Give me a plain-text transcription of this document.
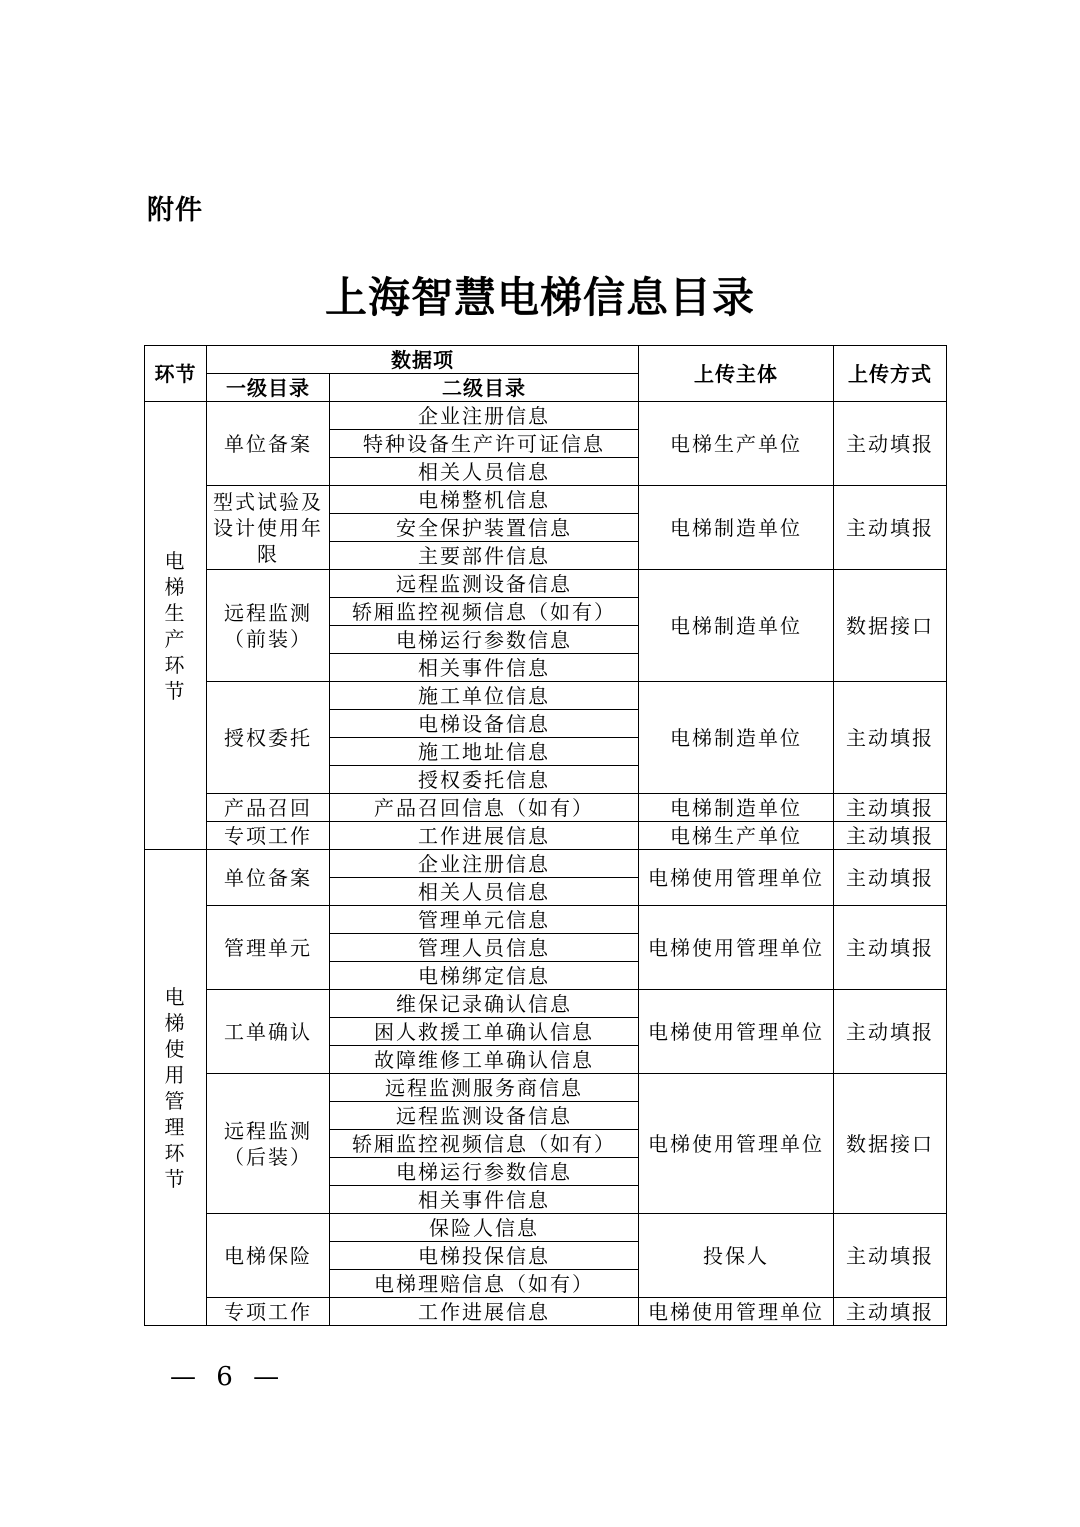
附件
上海智慧电梯信息目录
环节	数据项		上传主体	上传方式
	一级目录	二级目录		

电梯生产环节	单位备案	企业注册信息	电梯生产单位	主动填报
		特种设备生产许可证信息		
		相关人员信息		
	型式试验及设计使用年限	电梯整机信息	电梯制造单位	主动填报
		安全保护装置信息		
		主要部件信息		
	远程监测（前装）	远程监测设备信息	电梯制造单位	数据接口
		轿厢监控视频信息（如有）		
		电梯运行参数信息		
		相关事件信息		
	授权委托	施工单位信息	电梯制造单位	主动填报
		电梯设备信息		
		施工地址信息		
		授权委托信息		
	产品召回	产品召回信息（如有）	电梯制造单位	主动填报
	专项工作	工作进展信息	电梯生产单位	主动填报

电梯使用管理环节	单位备案	企业注册信息	电梯使用管理单位	主动填报
		相关人员信息		
	管理单元	管理单元信息	电梯使用管理单位	主动填报
		管理人员信息		
		电梯绑定信息		
	工单确认	维保记录确认信息	电梯使用管理单位	主动填报
		困人救援工单确认信息		
		故障维修工单确认信息		
	远程监测（后装）	远程监测服务商信息	电梯使用管理单位	数据接口
		远程监测设备信息		
		轿厢监控视频信息（如有）		
		电梯运行参数信息		
		相关事件信息		
	电梯保险	保险人信息	投保人	主动填报
		电梯投保信息		
		电梯理赔信息（如有）		
	专项工作	工作进展信息	电梯使用管理单位	主动填报
— 6 —
